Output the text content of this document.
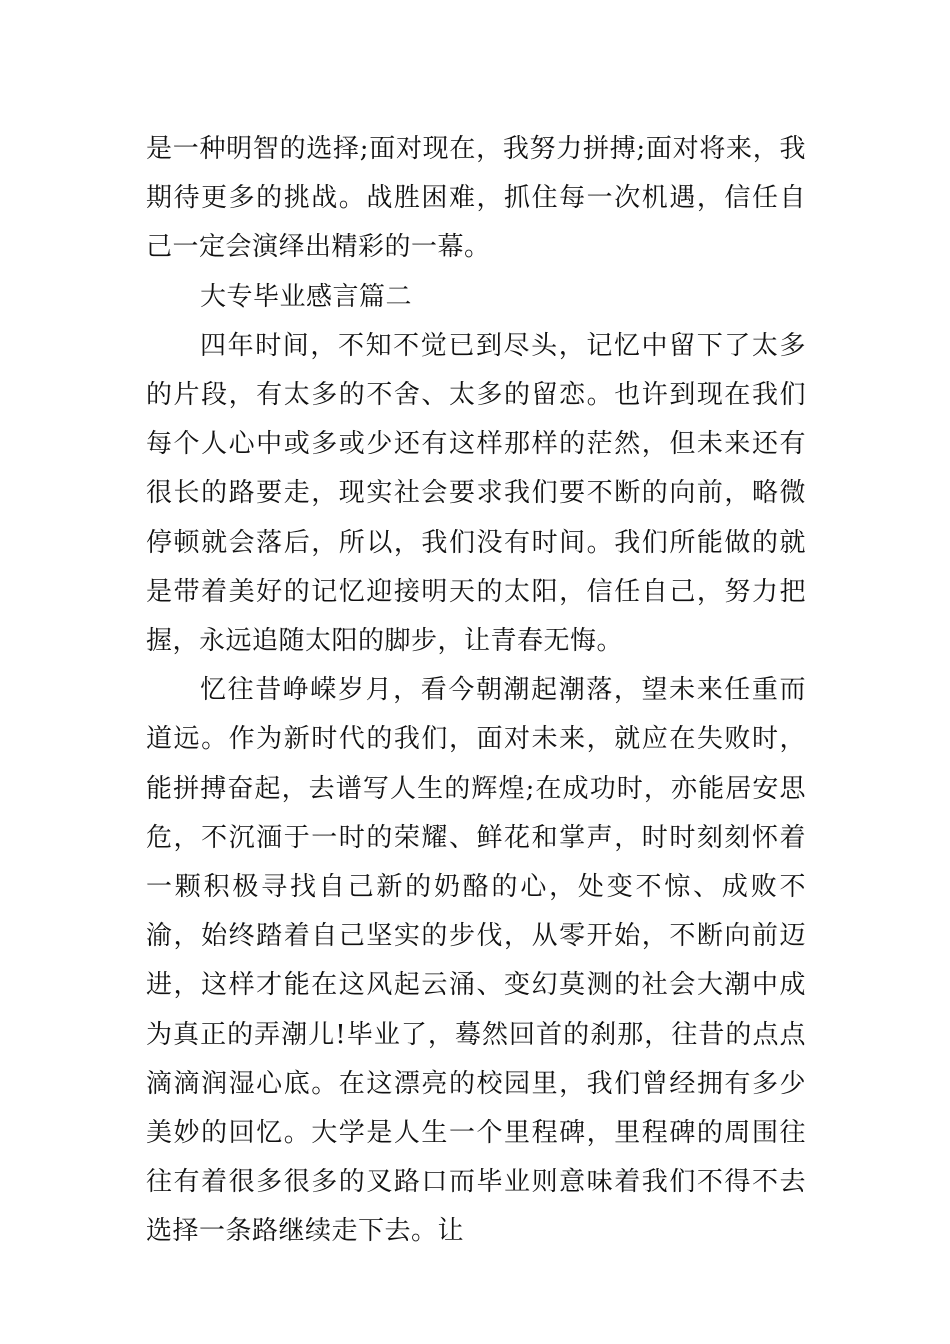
是一种明智的选择;面对现在，我努力拼搏;面对将来，我期待更多的挑战。战胜困难，抓住每一次机遇，信任自己一定会演绎出精彩的一幕。

大专毕业感言篇二

四年时间，不知不觉已到尽头，记忆中留下了太多的片段，有太多的不舍、太多的留恋。也许到现在我们每个人心中或多或少还有这样那样的茫然，但未来还有很长的路要走，现实社会要求我们要不断的向前，略微停顿就会落后，所以，我们没有时间。我们所能做的就是带着美好的记忆迎接明天的太阳，信任自己，努力把握，永远追随太阳的脚步，让青春无悔。

忆往昔峥嵘岁月，看今朝潮起潮落，望未来任重而道远。作为新时代的我们，面对未来，就应在失败时，能拼搏奋起，去谱写人生的辉煌;在成功时，亦能居安思危，不沉湎于一时的荣耀、鲜花和掌声，时时刻刻怀着一颗积极寻找自己新的奶酪的心，处变不惊、成败不渝，始终踏着自己坚实的步伐，从零开始，不断向前迈进，这样才能在这风起云涌、变幻莫测的社会大潮中成为真正的弄潮儿!毕业了，蓦然回首的刹那，往昔的点点滴滴润湿心底。在这漂亮的校园里，我们曾经拥有多少美妙的回忆。大学是人生一个里程碑，里程碑的周围往往有着很多很多的叉路口而毕业则意味着我们不得不去选择一条路继续走下去。让
